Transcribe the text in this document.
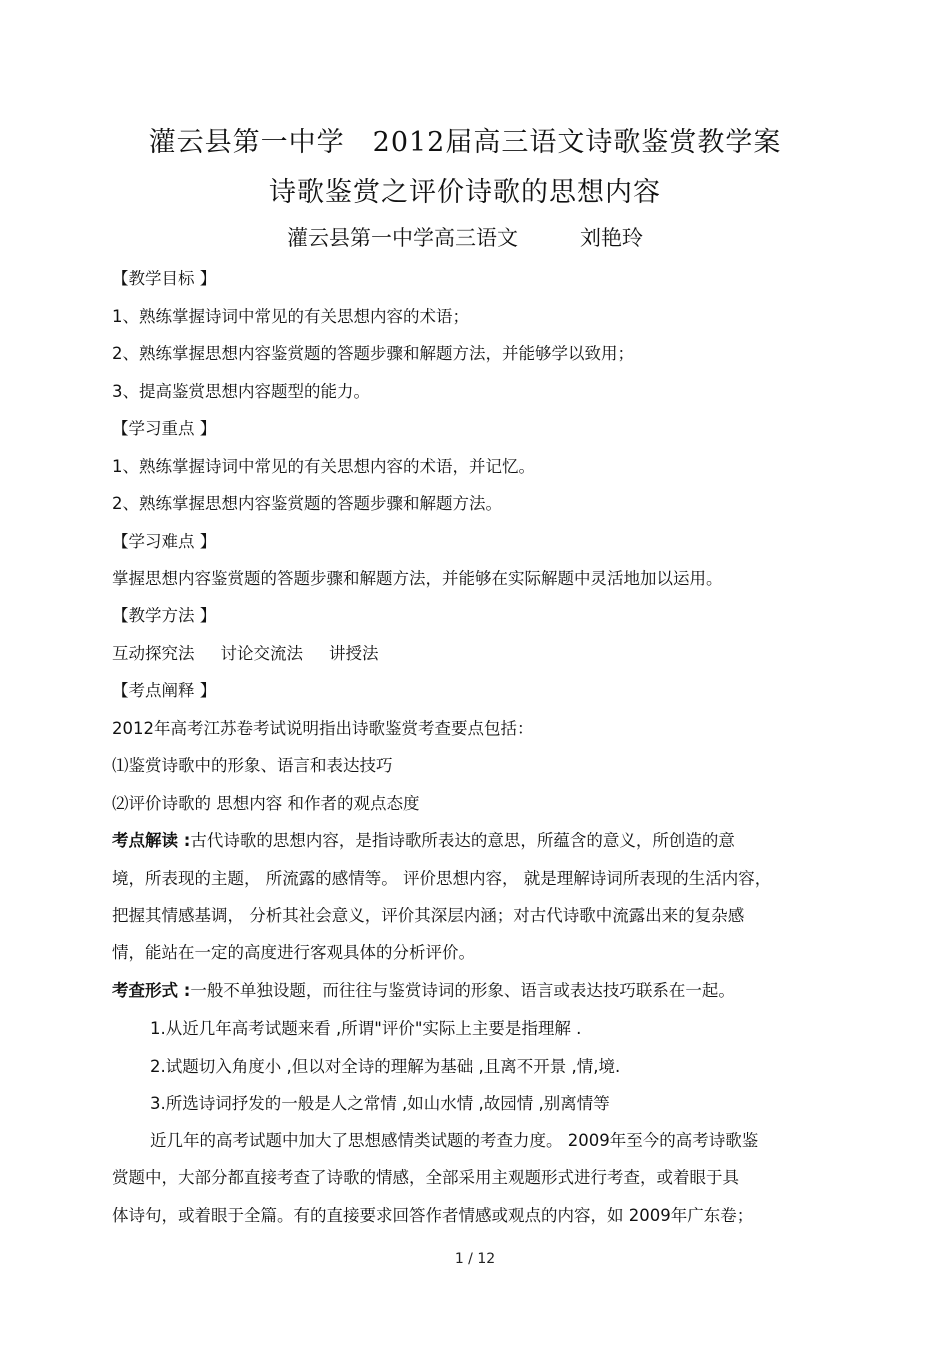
灌云县第一中学　2012届高三语文诗歌鉴赏教学案
诗歌鉴赏之评价诗歌的思想内容
灌云县第一中学高三语文	刘艳玲
【教学目标 】
1、熟练掌握诗词中常见的有关思想内容的术语；
2、熟练掌握思想内容鉴赏题的答题步骤和解题方法，并能够学以致用；
3、提高鉴赏思想内容题型的能力。
【学习重点 】
1、熟练掌握诗词中常见的有关思想内容的术语，并记忆。
2、熟练掌握思想内容鉴赏题的答题步骤和解题方法。
【学习难点 】
掌握思想内容鉴赏题的答题步骤和解题方法，并能够在实际解题中灵活地加以运用。
【教学方法 】
互动探究法 讨论交流法 讲授法
【考点阐释 】
2012年高考江苏卷考试说明指出诗歌鉴赏考查要点包括：
⑴鉴赏诗歌中的形象、语言和表达技巧
⑵评价诗歌的 思想内容 和作者的观点态度
考点解读 :古代诗歌的思想内容，是指诗歌所表达的意思，所蕴含的意义，所创造的意
境，所表现的主题， 所流露的感情等。 评价思想内容， 就是理解诗词所表现的生活内容，
把握其情感基调， 分析其社会意义，评价其深层内涵；对古代诗歌中流露出来的复杂感
情，能站在一定的高度进行客观具体的分析评价。
考查形式 :一般不单独设题，而往往与鉴赏诗词的形象、语言或表达技巧联系在一起。
1.从近几年高考试题来看 ,所谓"评价"实际上主要是指理解 .
2.试题切入角度小 ,但以对全诗的理解为基础 ,且离不开景 ,情,境.
3.所选诗词抒发的一般是人之常情 ,如山水情 ,故园情 ,别离情等
近几年的高考试题中加大了思想感情类试题的考查力度。 2009年至今的高考诗歌鉴
赏题中，大部分都直接考查了诗歌的情感，全部采用主观题形式进行考查，或着眼于具
体诗句，或着眼于全篇。有的直接要求回答作者情感或观点的内容，如 2009年广东卷；
1 / 12
